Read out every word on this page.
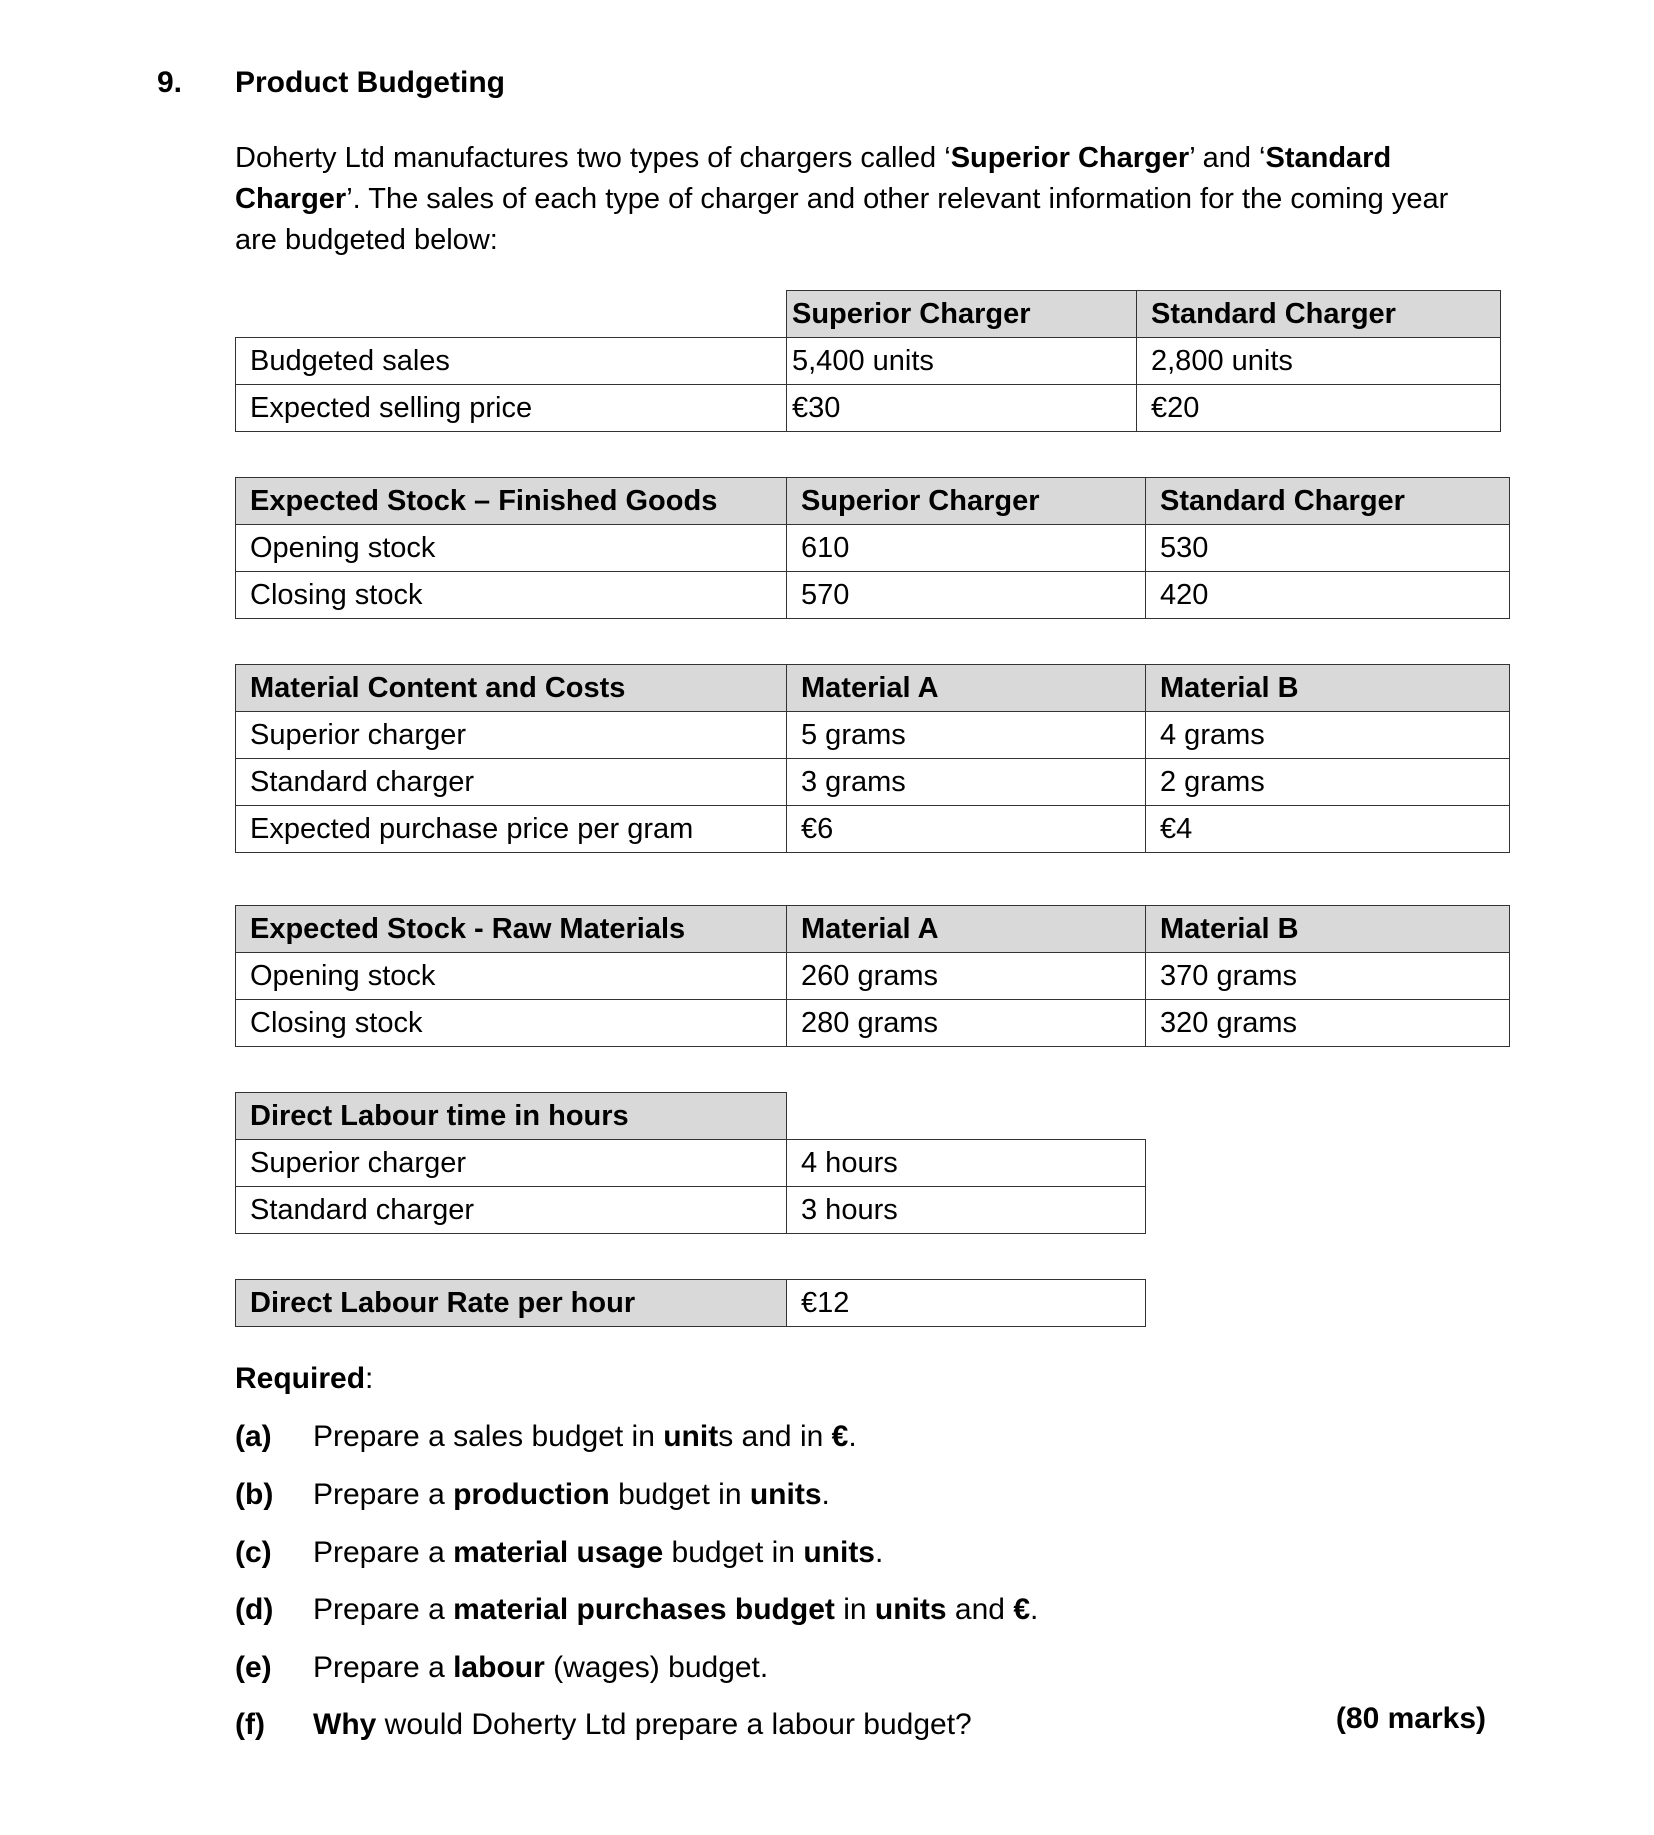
9. Product Budgeting
Doherty Ltd manufactures two types of chargers called ‘Superior Charger’ and ‘Standard Charger’. The sales of each type of charger and other relevant information for the coming year are budgeted below:
	Superior Charger	Standard Charger
Budgeted sales	5,400 units	2,800 units
Expected selling price	€30	€20
Expected Stock – Finished Goods	Superior Charger	Standard Charger
Opening stock	610	530
Closing stock	570	420
Material Content and Costs	Material A	Material B
Superior charger	5 grams	4 grams
Standard charger	3 grams	2 grams
Expected purchase price per gram	€6	€4
Expected Stock - Raw Materials	Material A	Material B
Opening stock	260 grams	370 grams
Closing stock	280 grams	320 grams
Direct Labour time in hours	
Superior charger	4 hours
Standard charger	3 hours
Direct Labour Rate per hour	€12
Required:
(a) Prepare a sales budget in units and in €.
(b) Prepare a production budget in units.
(c) Prepare a material usage budget in units.
(d) Prepare a material purchases budget in units and €.
(e) Prepare a labour (wages) budget.
(f) Why would Doherty Ltd prepare a labour budget?	(80 marks)
